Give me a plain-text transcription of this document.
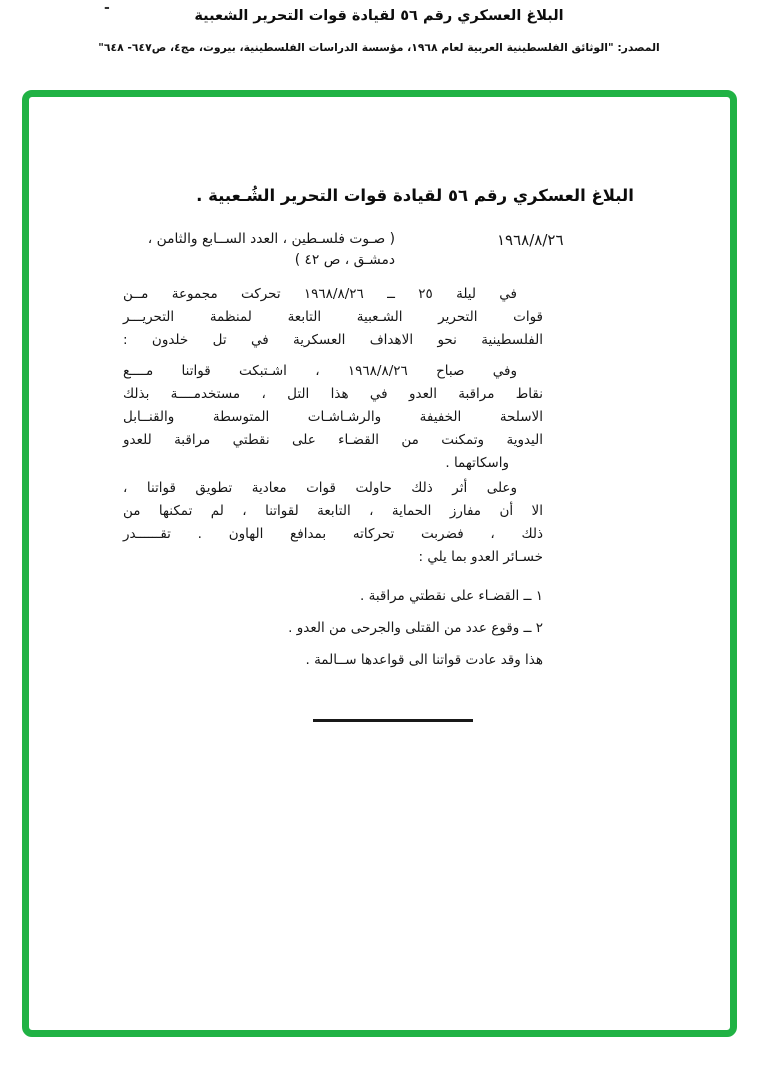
البلاغ العسكري رقم ٥٦ لقيادة قوات التحرير الشعبية
المصدر: "الوثائق الفلسطينية العربية لعام ١٩٦٨، مؤسسة الدراسات الفلسطينية، بيروت، مج٤، ص٦٤٧- ٦٤٨"
-
البلاغ العسكري رقم ٥٦ لقيادة قوات التحرير الشُـعبية .
١٩٦٨/٨/٢٦
( صـوت فلسـطين ، العدد الســابع والثامن ،
دمشـق ، ص ٤٢ )
في ليلة ٢٥ ــ ١٩٦٨/٨/٢٦ تحركت مجموعة مــن
قوات التحرير الشـعبية التابعة لمنظمة التحريـــر
الفلسطينية نحو الاهداف العسكرية في تل خلدون :
وفي صباح ١٩٦٨/٨/٢٦ ، اشـتبكت قواتنا مــــع
نقاط مراقبة العدو في هذا التل ، مستخدمــــة بذلك
الاسلحة الخفيفة والرشـاشـات المتوسطة والقنــابل
اليدوية وتمكنت من القضـاء على نقطتي مراقبة للعدو
واسكاتهما .
وعلى أثر ذلك حاولت قوات معادية تطويق قواتنا ،
الا أن مفارز الحماية ، التابعة لقواتنا ، لم تمكنها من
ذلك ، فضربت تحركاته بمدافع الهاون . تقــــــدر
خسـائر العدو بما يلي :
١ ــ القضـاء على نقطتي مراقبة .
٢ ــ وقوع عدد من القتلى والجرحى من العدو .
هذا وقد عادت قواتنا الى قواعدها ســالمة .
